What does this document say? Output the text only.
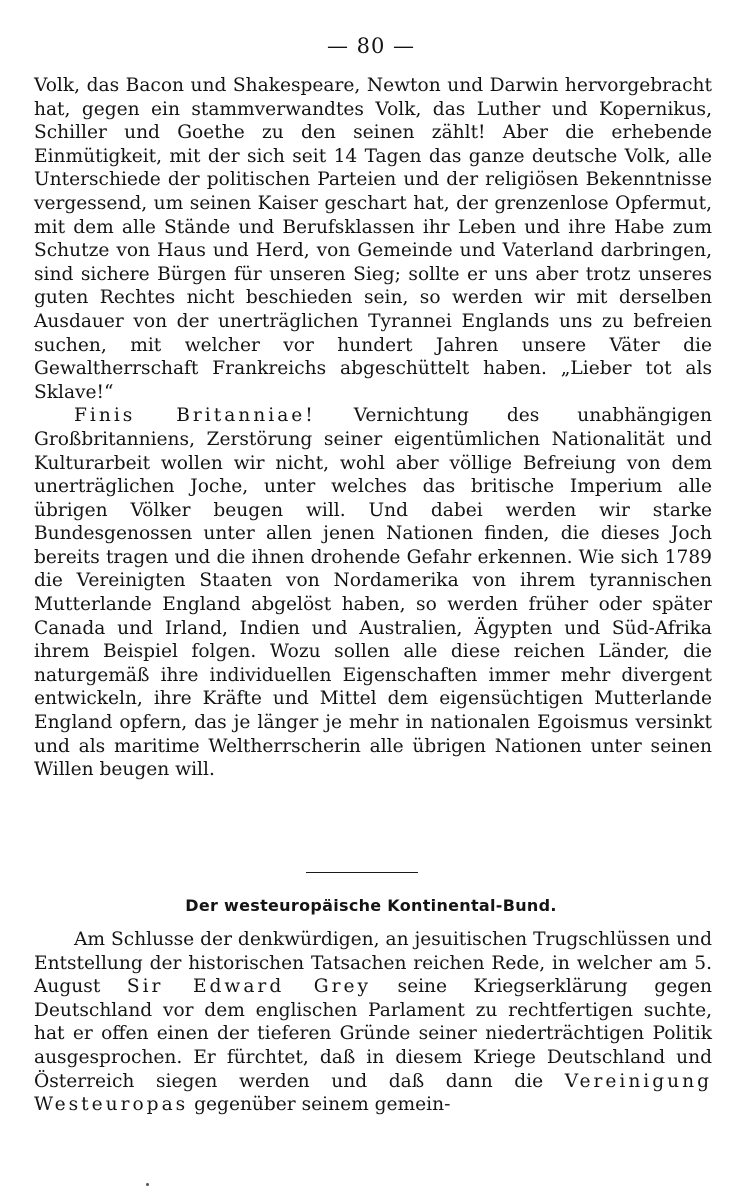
— 80 —

Volk, das Bacon und Shakespeare, Newton und Darwin hervorgebracht hat, gegen ein stammverwandtes Volk, das Luther und Kopernikus, Schiller und Goethe zu den seinen zählt! Aber die erhebende Einmütigkeit, mit der sich seit 14 Tagen das ganze deutsche Volk, alle Unterschiede der politischen Parteien und der religiösen Bekenntnisse vergessend, um seinen Kaiser geschart hat, der grenzenlose Opfermut, mit dem alle Stände und Berufsklassen ihr Leben und ihre Habe zum Schutze von Haus und Herd, von Gemeinde und Vaterland darbringen, sind sichere Bürgen für unseren Sieg; sollte er uns aber trotz unseres guten Rechtes nicht beschieden sein, so werden wir mit derselben Ausdauer von der unerträglichen Tyrannei Englands uns zu befreien suchen, mit welcher vor hundert Jahren unsere Väter die Gewaltherrschaft Frankreichs abgeschüttelt haben. „Lieber tot als Sklave!“

Finis Britanniae! Vernichtung des unabhängigen Großbritanniens, Zerstörung seiner eigentümlichen Nationalität und Kulturarbeit wollen wir nicht, wohl aber völlige Befreiung von dem unerträglichen Joche, unter welches das britische Imperium alle übrigen Völker beugen will. Und dabei werden wir starke Bundesgenossen unter allen jenen Nationen finden, die dieses Joch bereits tragen und die ihnen drohende Gefahr erkennen. Wie sich 1789 die Vereinigten Staaten von Nordamerika von ihrem tyrannischen Mutterlande England abgelöst haben, so werden früher oder später Canada und Irland, Indien und Australien, Ägypten und Süd-Afrika ihrem Beispiel folgen. Wozu sollen alle diese reichen Länder, die naturgemäß ihre individuellen Eigenschaften immer mehr divergent entwickeln, ihre Kräfte und Mittel dem eigensüchtigen Mutterlande England opfern, das je länger je mehr in nationalen Egoismus versinkt und als maritime Weltherrscherin alle übrigen Nationen unter seinen Willen beugen will.

Der westeuropäische Kontinental-Bund.

Am Schlusse der denkwürdigen, an jesuitischen Trugschlüssen und Entstellung der historischen Tatsachen reichen Rede, in welcher am 5. August Sir Edward Grey seine Kriegserklärung gegen Deutschland vor dem englischen Parlament zu rechtfertigen suchte, hat er offen einen der tieferen Gründe seiner niederträchtigen Politik ausgesprochen. Er fürchtet, daß in diesem Kriege Deutschland und Österreich siegen werden und daß dann die Vereinigung Westeuropas gegenüber seinem gemein-
